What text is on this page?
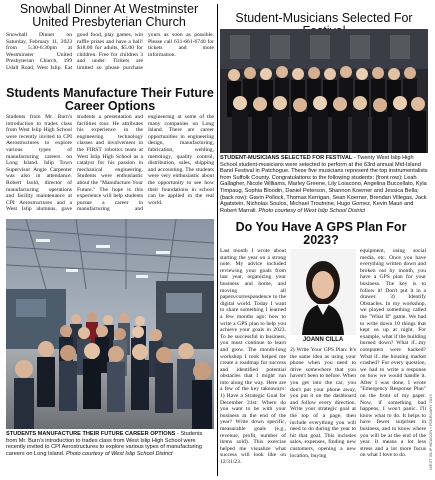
Snowball Dinner At Westminster United Presbyterian Church
Snowball Dinner on Saturday, February 11, 2023 from 5:30-6:30pm at Westminster United Presbyterian Church, 199 Udall Road, West Islip. Eat good food, play games, win raffle prizes and have a ball! $18.00 for adults, $5.00 for children. Free for children 3 and under. Tickets are limited so please purchase yours as soon as possible. Please call 631-661-6740 for tickets and more information.
Students Manufacture Their Future Career Options
Students from Mr. Burn's introduction to trades class from West Islip High School were recently invited to CPI Aerostructures to explore various types of manufacturing careers on Long Island. Islip Town Supervisor Angie Carpenter was also in attendance. Robert Isold, director of manufacturing operations and facility maintenance at CPI Aerostructures and a West Islip alumnus, gave students a presentation and facilities tour. He attributes his experience in the engineering technology classes and involvement in the FIRST robotics team at West Islip High School as a catalyst for his passion in mechanical engineering. Students were enthusiastic about the "Manufacture Your Future." The hope is this experience will help students pursue a career in manufacturing and engineering at some of the many companies on Long Island. There are career opportunities in engineering design, manufacturing, fabrication, welding, metrology, quality control, distribution, sales, shipping and accounting. The students were very enthusiastic about the opportunity to see how their foundations in school can be applied in the real world.
STUDENTS MANUFACTURE THEIR FUTURE CAREER OPTIONS - Students from Mr. Burn's introduction to trades class from West Islip High School were recently invited to CPI Aerostructures to explore various types of manufacturing careers on Long Island. Photo courtesy of West Islip School District
Student-Musicians Selected For
STUDENT-MUSICIANS SELECTED FOR FESTIVAL - Twenty West Islip High School student-musicians were selected to perform at the 63rd annual Mid-Island Band Festival in Patchogue. These five musicians represent the top instrumentalists from Suffolk County. Congratulations to the following students: (front row): Leah Gallagher, Nicole Williams, Marley Greene, Lily Loiacono, Angelina Buccellato, Kyla Timpaug, Sophia Bloodin, Daniel Peterson, Shannon Koerner and Jessica Bella; (back row): Gavin Pollock, Thomas Kerrigan, Sean Koerner, Brendan Villegas, Jack Agatstein, Nicholas Soulos, Michael Troutnine, Hugo Gomez, Kevin Mauri and Robert Marrali. Photo courtesy of West Islip School District
Do You Have A GPS Plan For 2023?
Last month I wrote about starting the year on a strong note. My advice included reviewing your goals from last year, organizing your business and home, and moving all papers/correspondence to the digital world. Today I want to share something I learned a few months ago: how to write a GPS plan to help you achieve your goals in 2023. To be successful in business, you must continue to learn and grow. The month-long workshop I took helped me create a roadmap for success and identified potential obstacles that I might run into along the way. Here are a few of the key takeaways: 1) Have a Strategic Goal for December 31st: Where do you want to be with your business at the end of the year? Write down specific, measurable goals (e.g., revenue, profit, number of items sold). This exercise helped me visualize what success will look like on 12/31/23.
JOANN CILLA
2) Write Your GPS Plan: It's the same idea as using your phone when you need to drive somewhere that you haven't been to before. When you get into the car, you don't put your phone away, you put it on the dashboard and follow every direction. Write your strategic goal at the top of a page, then include everything you will need to do during the year to hit that goal. This includes sales, expenses, finding new customers, opening a new location, buying
equipment, using social media, etc. Once you have everything written down and broken out by month, you have a GPS plan for your business. The key is to follow it! Don't put it in a drawer. 3) Identify Obstacles. In my workshop, we played something called the "What If" game. We had to write down 10 things that kept us up at night. For example, what if the building burned down? What if...my computers were hacked? What if...the housing market crashed? For every question, we had to write a response on how we would handle it. After I was done, I wrote "Emergency Response Plan" on the front of my paper. Now, if something bad happens, I won't panic. I'll know what to do. It helps to have fewer surprises in business, and to know where you will be at the end of the year. It means a lot less stress and a lot more focus on what I love to do.	WEST ISLIP BEACON • FEBRUARY 2023
